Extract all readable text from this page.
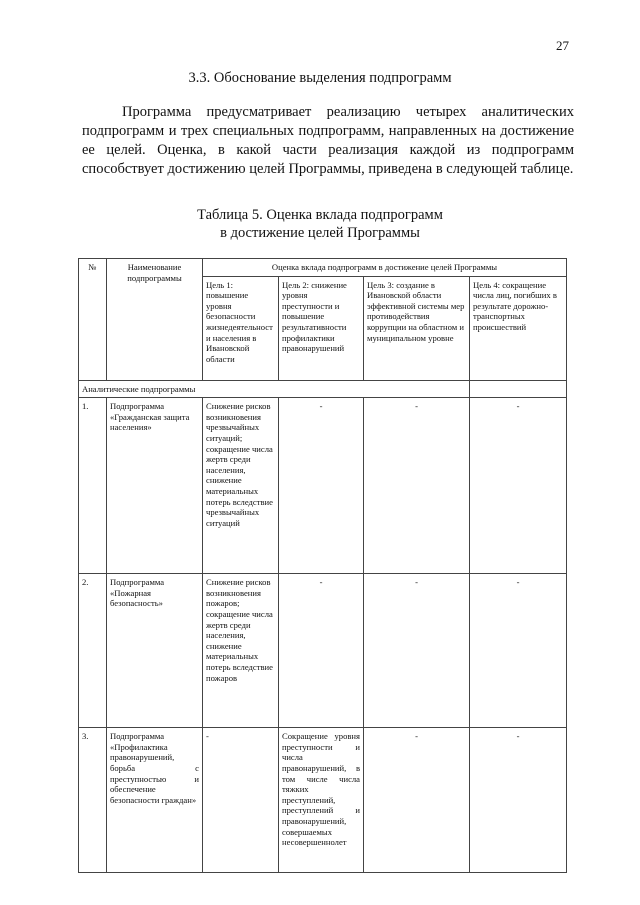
27
3.3. Обоснование выделения подпрограмм

Программа предусматривает реализацию четырех аналитических подпрограмм и трех специальных подпрограмм, направленных на достижение ее целей. Оценка, в какой части реализация каждой из подпрограмм способствует достижению целей Программы, приведена в следующей таблице.

Таблица 5. Оценка вклада подпрограмм
в достижение целей Программы
№	Наименование подпрограммы	Оценка вклада подпрограмм в достижение целей Программы			
		Цель 1: повышение уровня безопасности жизнедеятельности населения в Ивановской области	Цель 2: снижение уровня преступности и повышение результативности профилактики правонарушений	Цель 3: создание в Ивановской области эффективной системы мер противодействия коррупции на областном и муниципальном уровне	Цель 4: сокращение числа лиц, погибших в результате дорожно-транспортных происшествий
Аналитические подпрограммы					
1.	Подпрограмма «Гражданская защита населения»	Снижение рисков возникновения чрезвычайных ситуаций; сокращение числа жертв среди населения, снижение материальных потерь вследствие чрезвычайных ситуаций	-	-	-
2.	Подпрограмма «Пожарная безопасность»	Снижение рисков возникновения пожаров; сокращение числа жертв среди населения, снижение материальных потерь вследствие пожаров	-	-	-
3.	Подпрограмма «Профилактика правонарушений, борьба с преступностью и обеспечение безопасности граждан»	-	Сокращение уровня преступности и числа правонарушений, в том числе числа тяжких преступлений, преступлений и правонарушений, совершаемых несовершеннолет	-	-
